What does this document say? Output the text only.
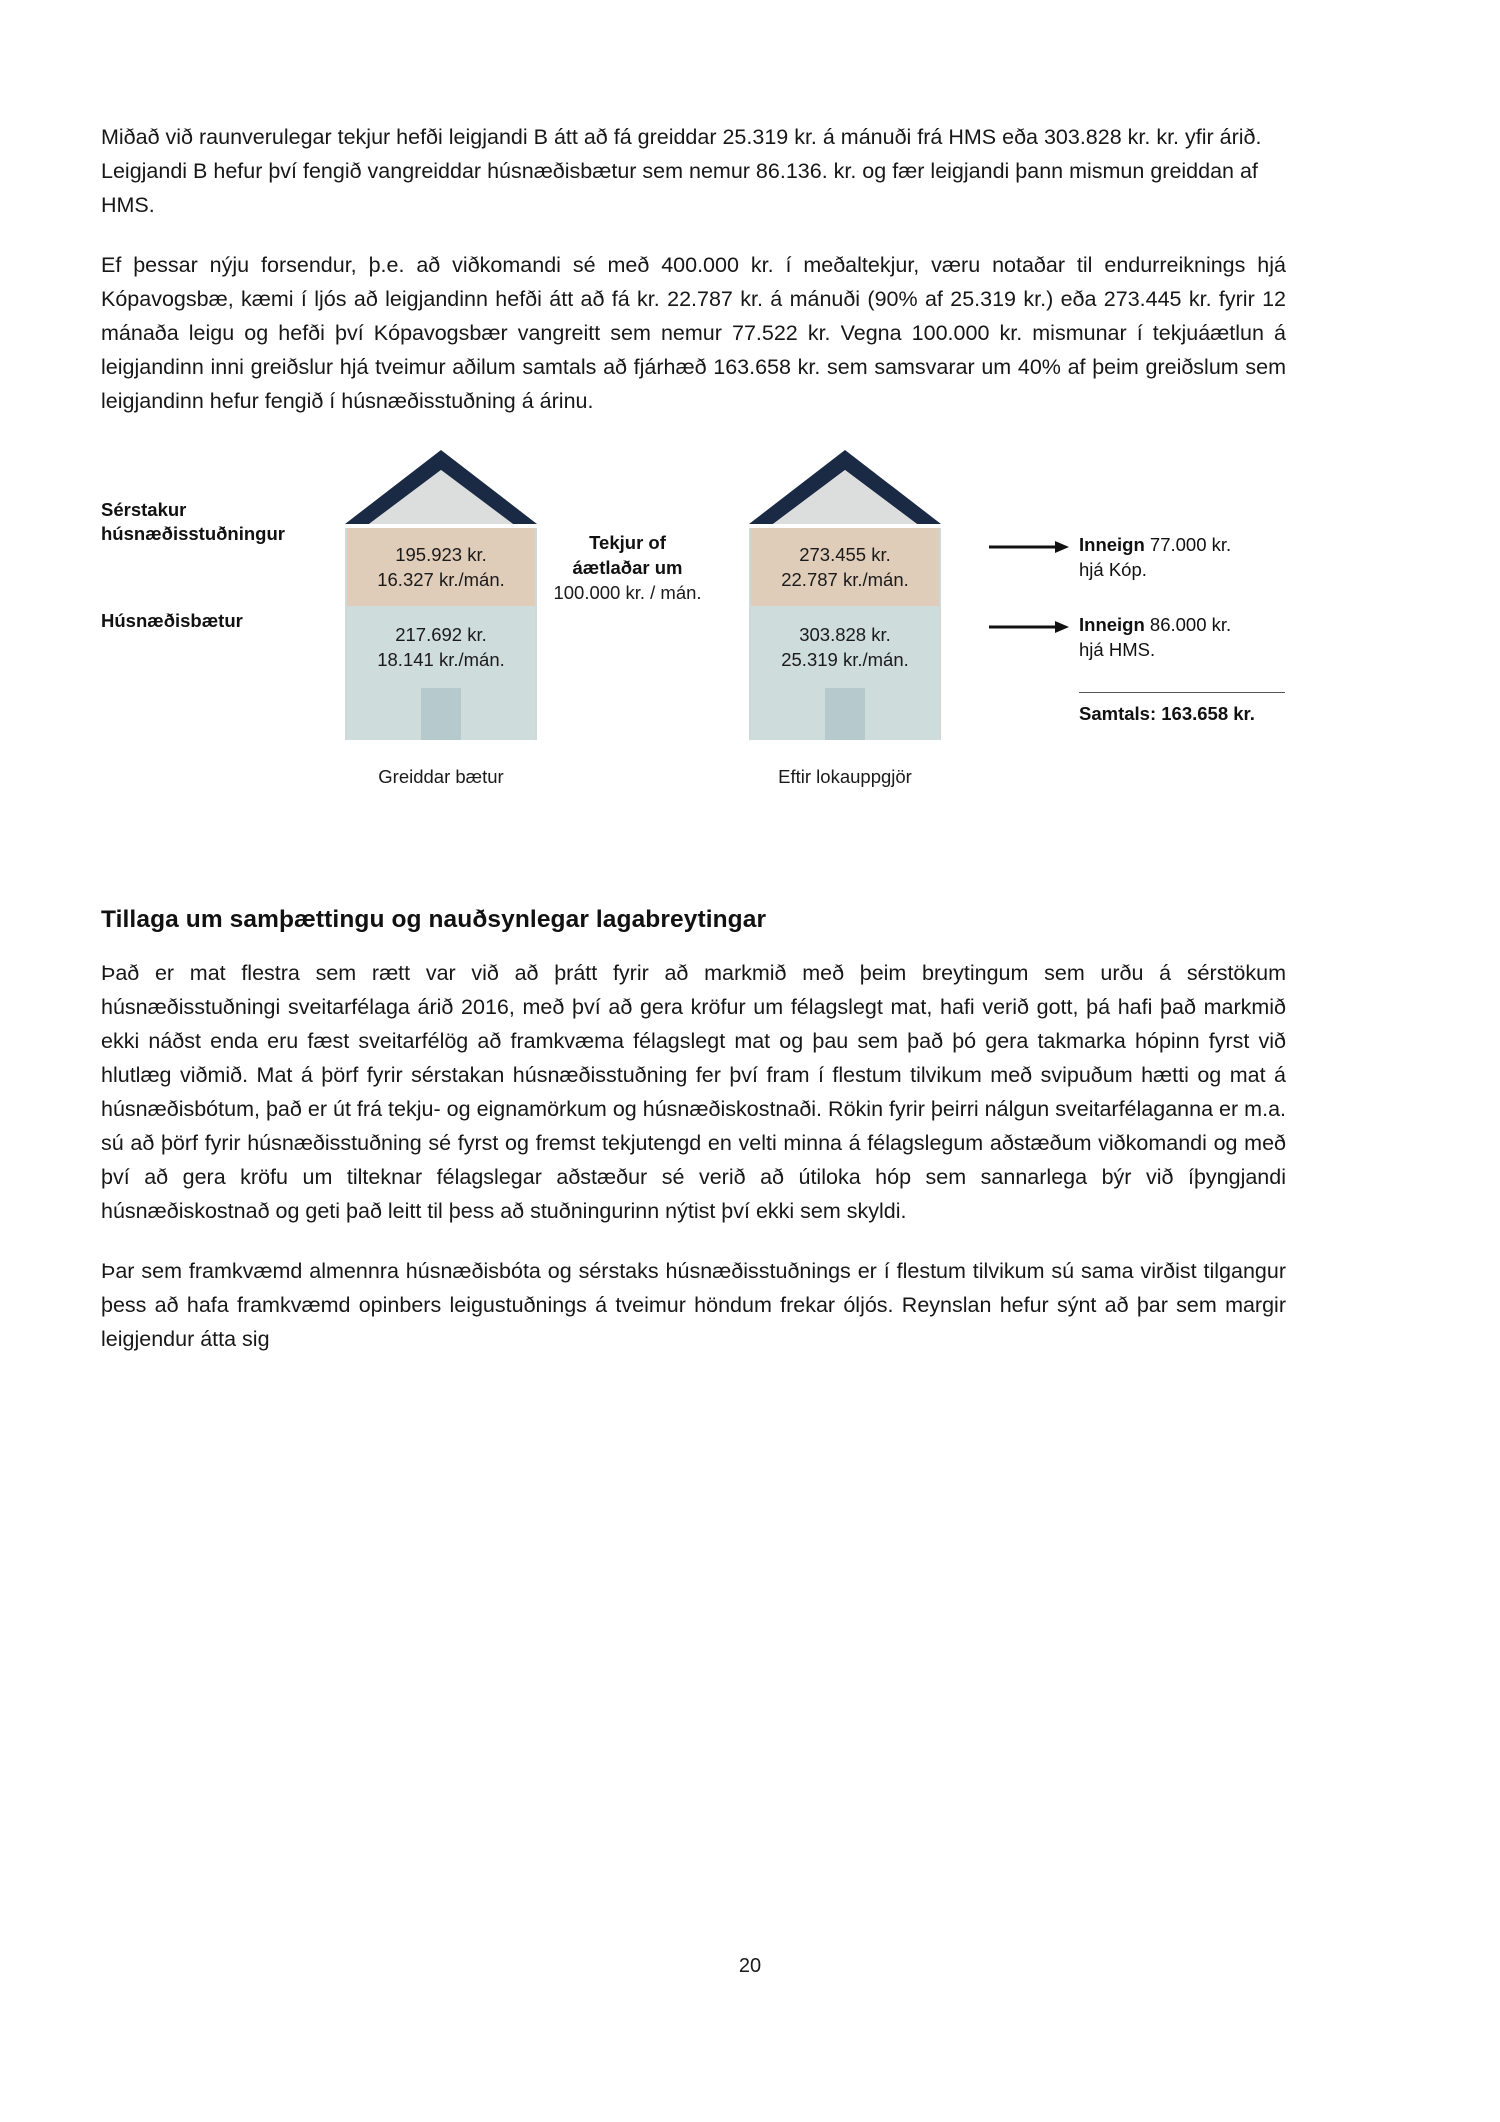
Miðað við raunverulegar tekjur hefði leigjandi B átt að fá greiddar 25.319 kr. á mánuði frá HMS eða 303.828 kr. kr. yfir árið. Leigjandi B hefur því fengið vangreiddar húsnæðisbætur sem nemur 86.136. kr. og fær leigjandi þann mismun greiddan af HMS.

Ef þessar nýju forsendur, þ.e. að viðkomandi sé með 400.000 kr. í meðaltekjur, væru notaðar til endurreiknings hjá Kópavogsbæ, kæmi í ljós að leigjandinn hefði átt að fá kr. 22.787 kr. á mánuði (90% af 25.319 kr.) eða 273.445 kr. fyrir 12 mánaða leigu og hefði því Kópavogsbær vangreitt sem nemur 77.522 kr. Vegna 100.000 kr. mismunar í tekjuáætlun á leigjandinn inni greiðslur hjá tveimur aðilum samtals að fjárhæð 163.658 kr. sem samsvarar um 40% af þeim greiðslum sem leigjandinn hefur fengið í húsnæðisstuðning á árinu.

Sérstakur
húsnæðisstuðningur
Húsnæðisbætur
195.923 kr.
16.327 kr./mán.
217.692 kr.
18.141 kr./mán.
Greiddar bætur
Tekjur of
áætlaðar um
100.000 kr. / mán.
273.455 kr.
22.787 kr./mán.
303.828 kr.
25.319 kr./mán.
Eftir lokauppgjör
Inneign 77.000 kr.
hjá Kóp.
Inneign 86.000 kr.
hjá HMS.
Samtals: 163.658 kr.
Tillaga um samþættingu og nauðsynlegar lagabreytingar

Það er mat flestra sem rætt var við að þrátt fyrir að markmið með þeim breytingum sem urðu á sérstökum húsnæðisstuðningi sveitarfélaga árið 2016, með því að gera kröfur um félagslegt mat, hafi verið gott, þá hafi það markmið ekki náðst enda eru fæst sveitarfélög að framkvæma félagslegt mat og þau sem það þó gera takmarka hópinn fyrst við hlutlæg viðmið. Mat á þörf fyrir sérstakan húsnæðisstuðning fer því fram í flestum tilvikum með svipuðum hætti og mat á húsnæðisbótum, það er út frá tekju- og eignamörkum og húsnæðiskostnaði. Rökin fyrir þeirri nálgun sveitarfélaganna er m.a. sú að þörf fyrir húsnæðisstuðning sé fyrst og fremst tekjutengd en velti minna á félagslegum aðstæðum viðkomandi og með því að gera kröfu um tilteknar félagslegar aðstæður sé verið að útiloka hóp sem sannarlega býr við íþyngjandi húsnæðiskostnað og geti það leitt til þess að stuðningurinn nýtist því ekki sem skyldi.

Þar sem framkvæmd almennra húsnæðisbóta og sérstaks húsnæðisstuðnings er í flestum tilvikum sú sama virðist tilgangur þess að hafa framkvæmd opinbers leigustuðnings á tveimur höndum frekar óljós. Reynslan hefur sýnt að þar sem margir leigjendur átta sig

20
